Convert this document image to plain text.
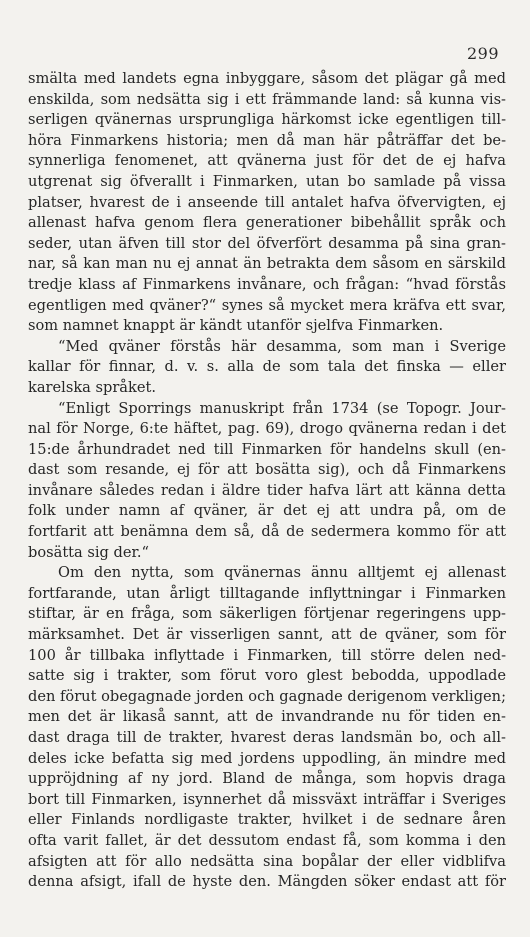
299
smälta med landets egna inbyggare, såsom det plägar gå med
enskilda, som nedsätta sig i ett främmande land: så kunna vis-
serligen qvänernas ursprungliga härkomst icke egentligen till-
höra Finmarkens historia; men då man här påträffar det be-
synnerliga fenomenet, att qvänerna just för det de ej hafva
utgrenat sig öfverallt i Finmarken, utan bo samlade på vissa
platser, hvarest de i anseende till antalet hafva öfvervigten, ej
allenast hafva genom flera generationer bibehållit språk och
seder, utan äfven till stor del öfverfört desamma på sina gran-
nar, så kan man nu ej annat än betrakta dem såsom en särskild
tredje klass af Finmarkens invånare, och frågan: “hvad förstås
egentligen med qväner?“ synes så mycket mera kräfva ett svar,
som namnet knappt är kändt utanför sjelfva Finmarken.
“Med qväner förstås här desamma, som man i Sverige
kallar för finnar, d. v. s. alla de som tala det finska — eller
karelska språket.
“Enligt Sporrings manuskript från 1734 (se Topogr. Jour-
nal för Norge, 6:te häftet, pag. 69), drogo qvänerna redan i det
15:de århundradet ned till Finmarken för handelns skull (en-
dast som resande, ej för att bosätta sig), och då Finmarkens
invånare således redan i äldre tider hafva lärt att känna detta
folk under namn af qväner, är det ej att undra på, om de
fortfarit att benämna dem så, då de sedermera kommo för att
bosätta sig der.“
Om den nytta, som qvänernas ännu alltjemt ej allenast
fortfarande, utan årligt tilltagande inflyttningar i Finmarken
stiftar, är en fråga, som säkerligen förtjenar regeringens upp-
märksamhet. Det är visserligen sannt, att de qväner, som för
100 år tillbaka inflyttade i Finmarken, till större delen ned-
satte sig i trakter, som förut voro glest bebodda, uppodlade
den förut obegagnade jorden och gagnade derigenom verkligen;
men det är likaså sannt, att de invandrande nu för tiden en-
dast draga till de trakter, hvarest deras landsmän bo, och all-
deles icke befatta sig med jordens uppodling, än mindre med
uppröjdning af ny jord. Bland de många, som hopvis draga
bort till Finmarken, isynnerhet då missväxt inträffar i Sveriges
eller Finlands nordligaste trakter, hvilket i de sednare åren
ofta varit fallet, är det dessutom endast få, som komma i den
afsigten att för allo nedsätta sina bopålar der eller vidblifva
denna afsigt, ifall de hyste den. Mängden söker endast att för
